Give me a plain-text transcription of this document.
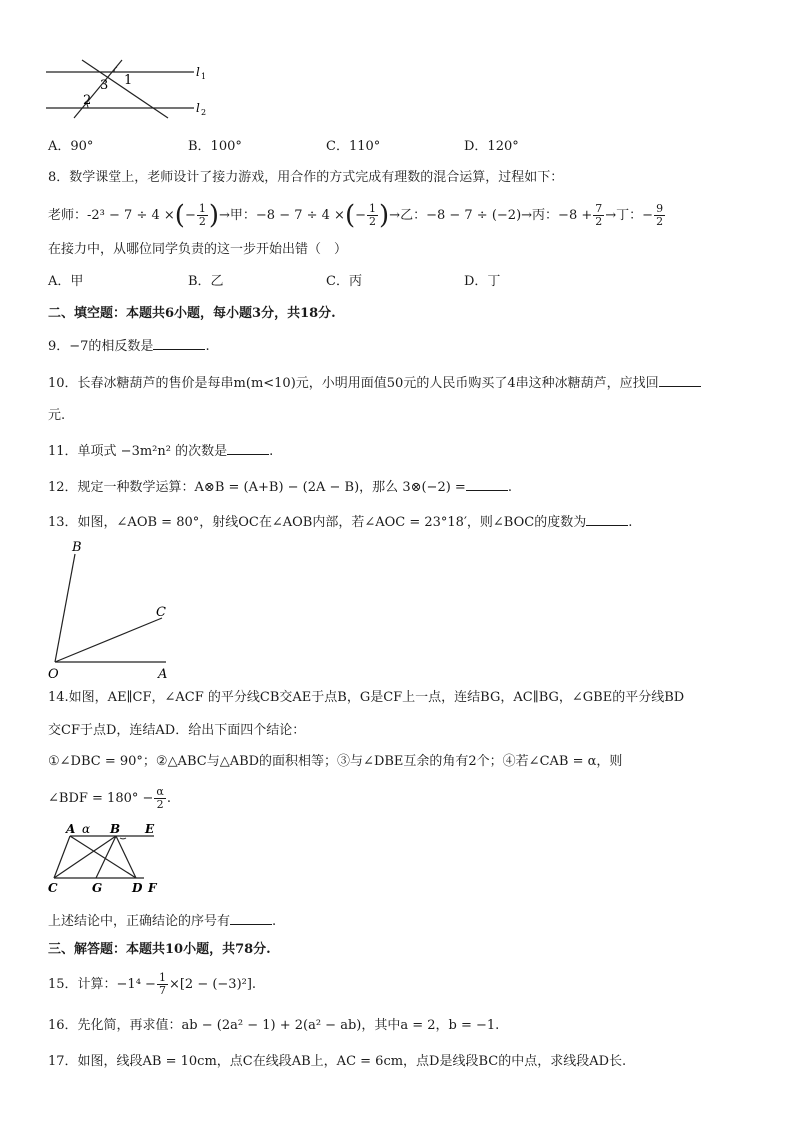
1
2
3
l 1
l 2
A．90°	B．100°	C．110°	D．120°
8．数学课堂上，老师设计了接力游戏，用合作的方式完成有理数的混合运算，过程如下：
老师：-2³ − 7 ÷ 4 ×(− $\frac{1}{2}$ )→甲：−8 − 7 ÷ 4 ×(− $\frac{1}{2}$ )→乙：−8 − 7 ÷ (−2)→丙：$-8 + \frac{7}{2}$ →丁：− $\frac{9}{2}$
在接力中，从哪位同学负责的这一步开始出错（　）
A．甲	B．乙	C．丙	D．丁
二、填空题：本题共6小题，每小题3分，共18分.
9．−7的相反数是	.
10．长春冰糖葫芦的售价是每串m(m<10)元，小明用面值50元的人民币购买了4串这种冰糖葫芦，应找回
元.
11．单项式 −3m²n² 的次数是	.
12．规定一种数学运算：A⊗B = (A+B) − (2A − B)，那么 3⊗(−2) =	.
13．如图，∠AOB = 80°，射线OC在∠AOB内部，若∠AOC = 23°18′，则∠BOC的度数为	.
B
C
O	A
14.如图，AE∥CF，∠ACF 的平分线CB交AE于点B，G是CF上一点，连结BG，AC∥BG，∠GBE的平分线BD
交CF于点D，连结AD．给出下面四个结论：
①∠DBC = 90°；②△ABC与△ABD的面积相等；③与∠DBE互余的角有2个；④若∠CAB = α，则
∠BDF = $180^\circ - \frac{\alpha}{2}$ .
A α B E
C	G D F
上述结论中，正确结论的序号有	.
三、解答题：本题共10小题，共78分.
15．计算：$-1^4 - \frac{1}{7} \times[2 - (-3)^2]$.
16．先化简，再求值：ab − (2a² − 1) + 2(a² − ab)，其中a = 2，b = −1.
17．如图，线段AB = 10cm，点C在线段AB上，AC = 6cm，点D是线段BC的中点，求线段AD长.
